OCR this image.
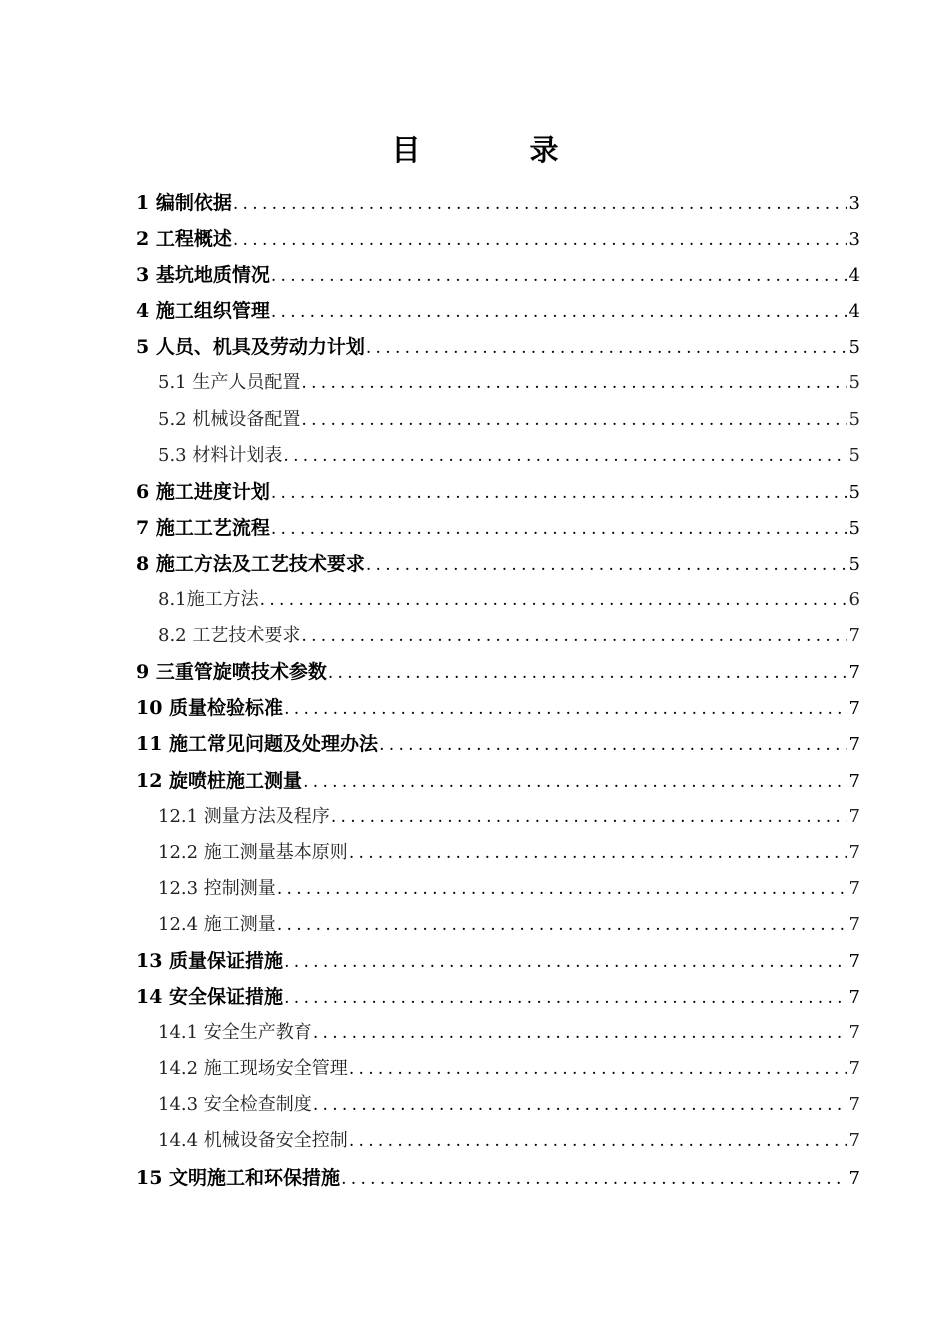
目　录
1 编制依据 .....	3
2 工程概述 .....	3
3 基坑地质情况 .....	4
4 施工组织管理 .....	4
5 人员、机具及劳动力计划 .....	5
5.1 生产人员配置 .....	5
5.2 机械设备配置 .....	5
5.3 材料计划表 .....	5
6 施工进度计划 .....	5
7 施工工艺流程 .....	5
8 施工方法及工艺技术要求 .....	5
8.1施工方法 .....	6
8.2 工艺技术要求 .....	7
9 三重管旋喷技术参数 .....	7
10 质量检验标准 .....	7
11 施工常见问题及处理办法 .....	7
12 旋喷桩施工测量 .....	7
12.1 测量方法及程序 .....	7
12.2 施工测量基本原则 .....	7
12.3 控制测量 .....	7
12.4 施工测量 .....	7
13 质量保证措施 .....	7
14 安全保证措施 .....	7
14.1 安全生产教育 .....	7
14.2 施工现场安全管理 .....	7
14.3 安全检查制度 .....	7
14.4 机械设备安全控制 .....	7
15 文明施工和环保措施 .....	7
